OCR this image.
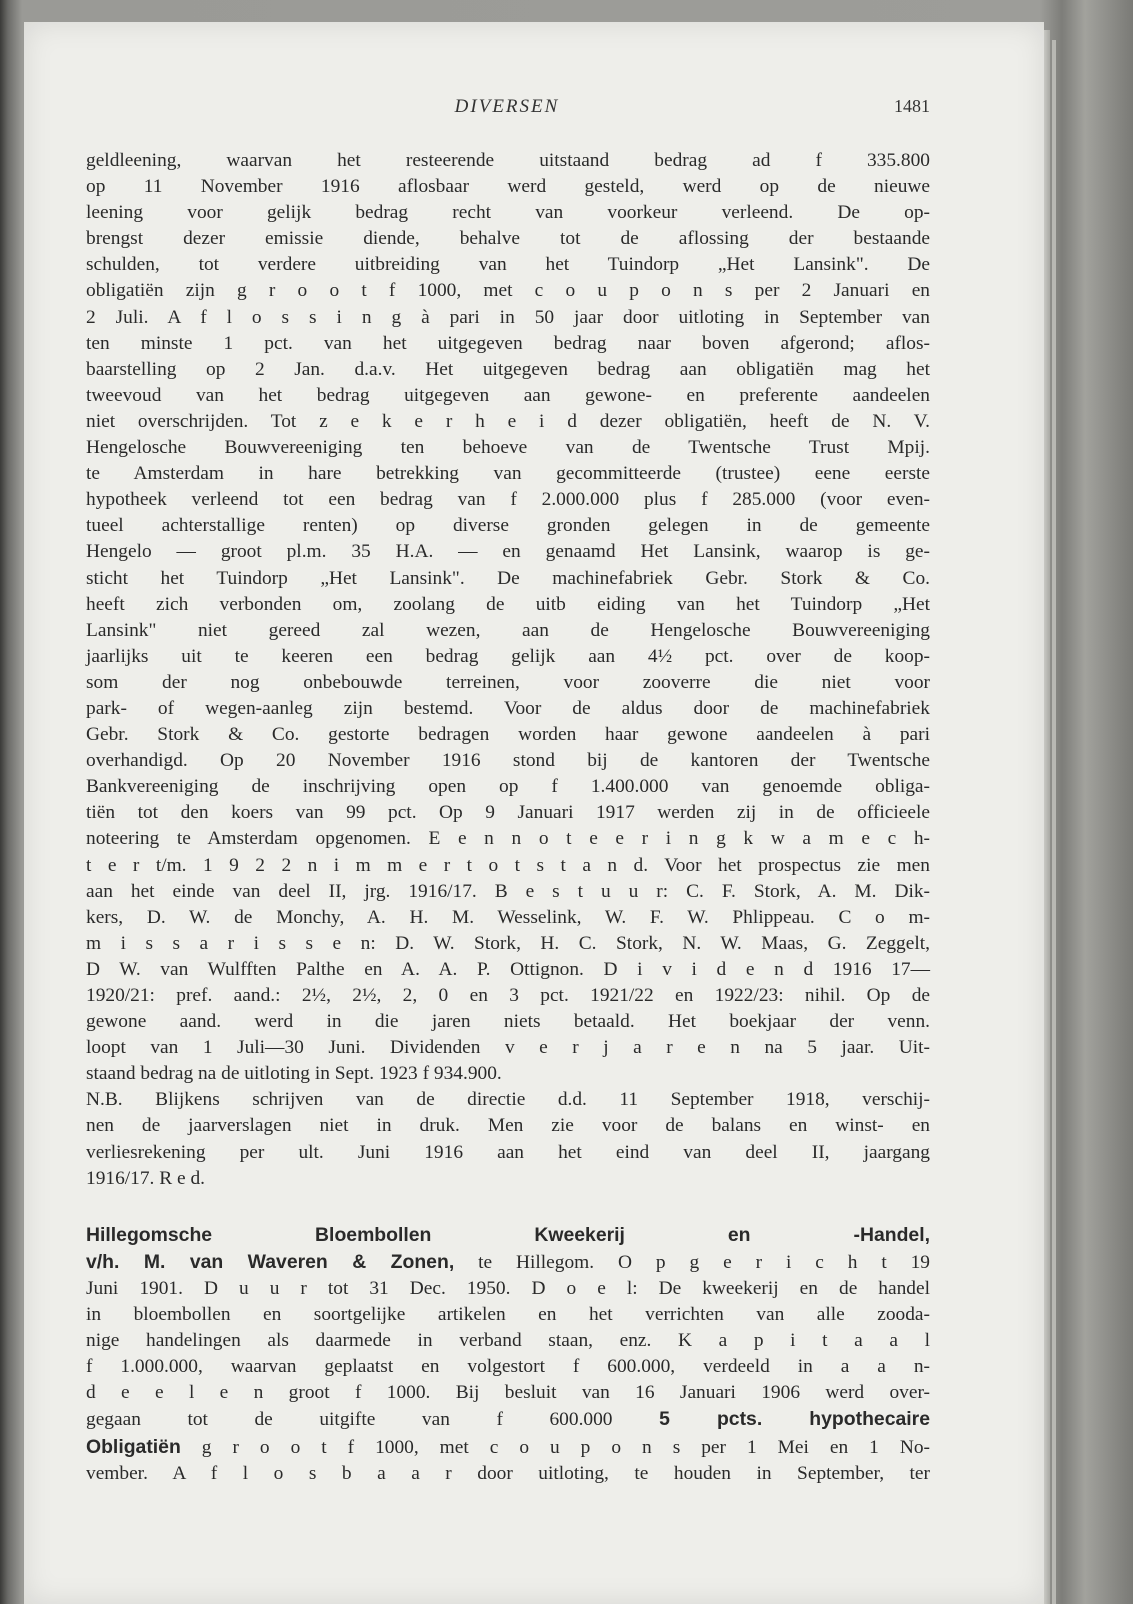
DIVERSEN	1481
geldleening, waarvan het resteerende uitstaand bedrag ad f 335.800
op 11 November 1916 aflosbaar werd gesteld, werd op de nieuwe
leening voor gelijk bedrag recht van voorkeur verleend. De op-
brengst dezer emissie diende, behalve tot de aflossing der bestaande
schulden, tot verdere uitbreiding van het Tuindorp „Het Lansink". De
obligatiën zijn g r o o t f 1000, met c o u p o n s per 2 Januari en
2 Juli. A f l o s s i n g à pari in 50 jaar door uitloting in September van
ten minste 1 pct. van het uitgegeven bedrag naar boven afgerond; aflos-
baarstelling op 2 Jan. d.a.v. Het uitgegeven bedrag aan obligatiën mag het
tweevoud van het bedrag uitgegeven aan gewone- en preferente aandeelen
niet overschrijden. Tot z e k e r h e i d dezer obligatiën, heeft de N. V.
Hengelosche Bouwvereeniging ten behoeve van de Twentsche Trust Mpij.
te Amsterdam in hare betrekking van gecommitteerde (trustee) eene eerste
hypotheek verleend tot een bedrag van f 2.000.000 plus f 285.000 (voor even-
tueel achterstallige renten) op diverse gronden gelegen in de gemeente
Hengelo — groot pl.m. 35 H.A. — en genaamd Het Lansink, waarop is ge-
sticht het Tuindorp „Het Lansink". De machinefabriek Gebr. Stork & Co.
heeft zich verbonden om, zoolang de uitb eiding van het Tuindorp „Het
Lansink" niet gereed zal wezen, aan de Hengelosche Bouwvereeniging
jaarlijks uit te keeren een bedrag gelijk aan 4½ pct. over de koop-
som der nog onbebouwde terreinen, voor zooverre die niet voor
park- of wegen-aanleg zijn bestemd. Voor de aldus door de machinefabriek
Gebr. Stork & Co. gestorte bedragen worden haar gewone aandeelen à pari
overhandigd. Op 20 November 1916 stond bij de kantoren der Twentsche
Bankvereeniging de inschrijving open op f 1.400.000 van genoemde obliga-
tiën tot den koers van 99 pct. Op 9 Januari 1917 werden zij in de officieele
noteering te Amsterdam opgenomen. E e n n o t e e r i n g k w a m e c h-
t e r t/m. 1 9 2 2 n i m m e r t o t s t a n d. Voor het prospectus zie men
aan het einde van deel II, jrg. 1916/17. B e s t u u r: C. F. Stork, A. M. Dik-
kers, D. W. de Monchy, A. H. M. Wesselink, W. F. W. Phlippeau. C o m-
m i s s a r i s s e n: D. W. Stork, H. C. Stork, N. W. Maas, G. Zeggelt,
D W. van Wulfften Palthe en A. A. P. Ottignon. D i v i d e n d 1916 17—
1920/21: pref. aand.: 2½, 2½, 2, 0 en 3 pct. 1921/22 en 1922/23: nihil. Op de
gewone aand. werd in die jaren niets betaald. Het boekjaar der venn.
loopt van 1 Juli—30 Juni. Dividenden v e r j a r e n na 5 jaar. Uit-
staand bedrag na de uitloting in Sept. 1923 f 934.900.
N.B. Blijkens schrijven van de directie d.d. 11 September 1918, verschij-
nen de jaarverslagen niet in druk. Men zie voor de balans en winst- en
verliesrekening per ult. Juni 1916 aan het eind van deel II, jaargang
1916/17. R e d.
Hillegomsche Bloembollen Kweekerij en -Handel,
v/h. M. van Waveren & Zonen, te Hillegom. O p g e r i c h t 19
Juni 1901. D u u r tot 31 Dec. 1950. D o e l: De kweekerij en de handel
in bloembollen en soortgelijke artikelen en het verrichten van alle zooda-
nige handelingen als daarmede in verband staan, enz. K a p i t a a l
f 1.000.000, waarvan geplaatst en volgestort f 600.000, verdeeld in a a n-
d e e l e n groot f 1000. Bij besluit van 16 Januari 1906 werd over-
gegaan tot de uitgifte van f 600.000 5 pcts. hypothecaire
Obligatiën g r o o t f 1000, met c o u p o n s per 1 Mei en 1 No-
vember. A f l o s b a a r door uitloting, te houden in September, ter
